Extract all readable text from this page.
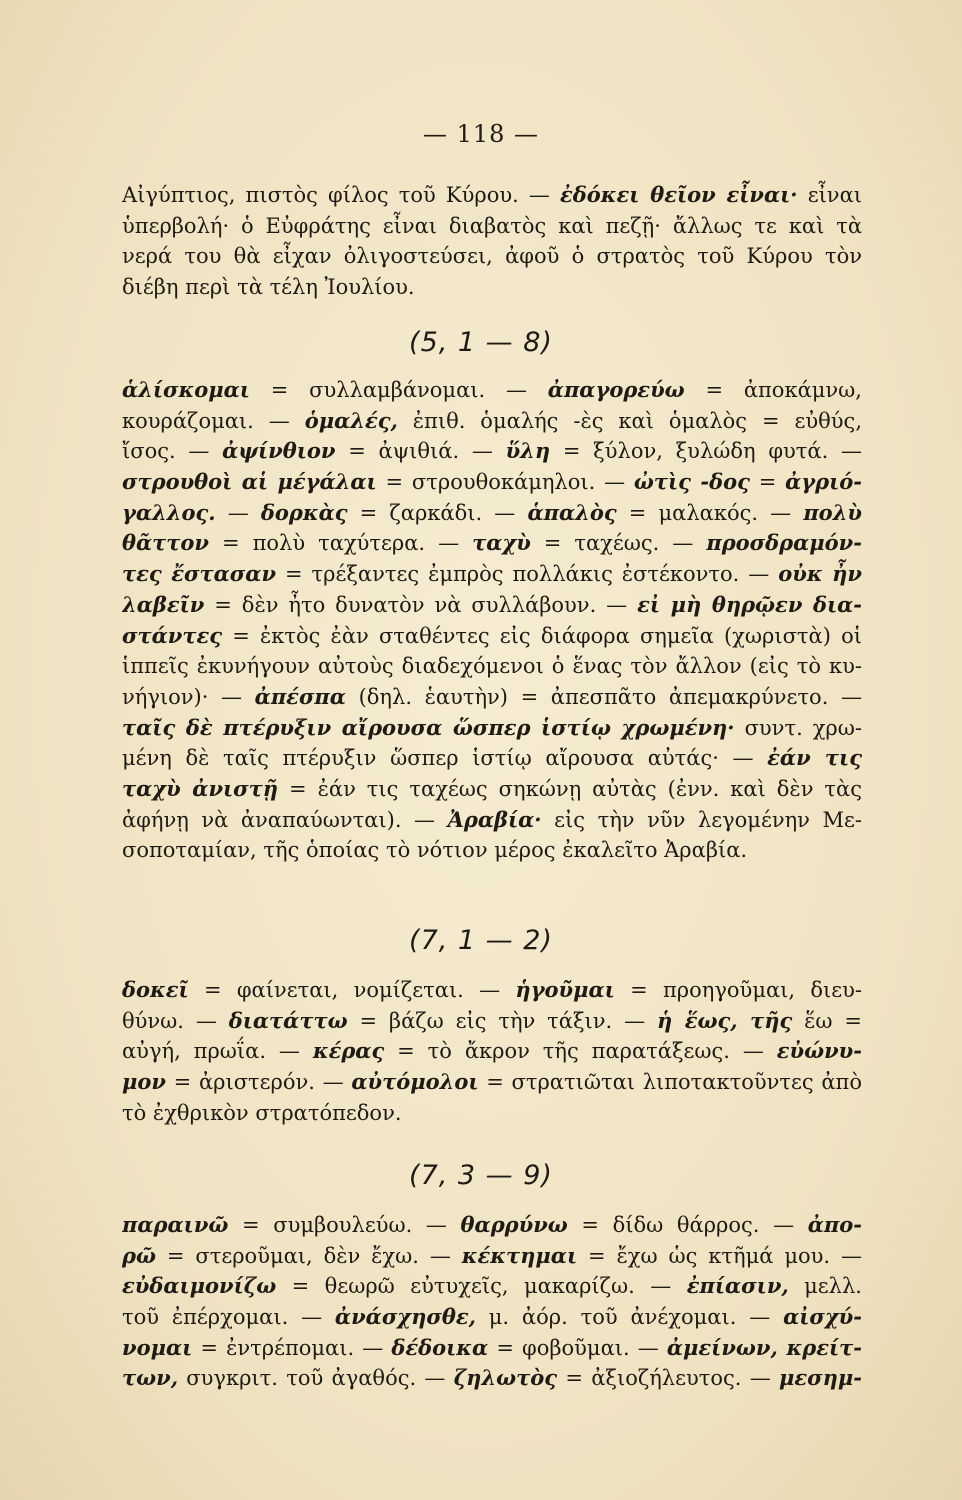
— 118 —
Αἰγύπτιος, πιστὸς φίλος τοῦ Κύρου. — ἐδόκει θεῖον εἶναι· εἶναι
ὑπερβολή· ὁ Εὐφράτης εἶναι διαβατὸς καὶ πεζῇ· ἄλλως τε καὶ τὰ
νερά του θὰ εἶχαν ὀλιγοστεύσει, ἀφοῦ ὁ στρατὸς τοῦ Κύρου τὸν
διέβη περὶ τὰ τέλη Ἰουλίου.
(5, 1 — 8)
ἁλίσκομαι = συλλαμβάνομαι. — ἀπαγορεύω = ἀποκάμνω,
κουράζομαι. — ὁμαλές, ἐπιθ. ὁμαλής -ὲς καὶ ὁμαλὸς = εὐθύς,
ἴσος. — ἀψίνθιον = ἀψιθιά. — ὕλη = ξύλον, ξυλώδη φυτά. —
στρουθοὶ αἱ μέγάλαι = στρουθοκάμηλοι. — ὠτὶς -δος = ἀγριό-
γαλλος. — δορκὰς = ζαρκάδι. — ἁπαλὸς = μαλακός. — πολὺ
θᾶττον = πολὺ ταχύτερα. — ταχὺ = ταχέως. — προσδραμόν-
τες ἔστασαν = τρέξαντες ἐμπρὸς πολλάκις ἐστέκοντο. — οὐκ ἦν
λαβεῖν = δὲν ἦτο δυνατὸν νὰ συλλάβουν. — εἰ μὴ θηρῷεν δια-
στάντες = ἐκτὸς ἐὰν σταθέντες εἰς διάφορα σημεῖα (χωριστὰ) οἱ
ἱππεῖς ἐκυνήγουν αὐτοὺς διαδεχόμενοι ὁ ἕνας τὸν ἄλλον (εἰς τὸ κυ-
νήγιον)· — ἀπέσπα (δηλ. ἑαυτὴν) = ἀπεσπᾶτο ἀπεμακρύνετο. —
ταῖς δὲ πτέρυξιν αἴρουσα ὥσπερ ἱστίῳ χρωμένη· συντ. χρω-
μένη δὲ ταῖς πτέρυξιν ὥσπερ ἱστίῳ αἴρουσα αὐτάς· — ἐάν τις
ταχὺ ἀνιστῇ = ἐάν τις ταχέως σηκώνῃ αὐτὰς (ἐνν. καὶ δὲν τὰς
ἀφήνῃ νὰ ἀναπαύωνται). — Ἀραβία· εἰς τὴν νῦν λεγομένην Με-
σοποταμίαν, τῆς ὁποίας τὸ νότιον μέρος ἐκαλεῖτο Ἀραβία.
(7, 1 — 2)
δοκεῖ = φαίνεται, νομίζεται. — ἡγοῦμαι = προηγοῦμαι, διευ-
θύνω. — διατάττω = βάζω εἰς τὴν τάξιν. — ἡ ἕως, τῆς ἕω =
αὐγή, πρωΐα. — κέρας = τὸ ἄκρον τῆς παρατάξεως. — εὐώνυ-
μον = ἀριστερόν. — αὐτόμολοι = στρατιῶται λιποτακτοῦντες ἀπὸ
τὸ ἐχθρικὸν στρατόπεδον.
(7, 3 — 9)
παραινῶ = συμβουλεύω. — θαρρύνω = δίδω θάρρος. — ἀπο-
ρῶ = στεροῦμαι, δὲν ἔχω. — κέκτημαι = ἔχω ὡς κτῆμά μου. —
εὐδαιμονίζω = θεωρῶ εὐτυχεῖς, μακαρίζω. — ἐπίασιν, μελλ.
τοῦ ἐπέρχομαι. — ἀνάσχησθε, μ. ἀόρ. τοῦ ἀνέχομαι. — αἰσχύ-
νομαι = ἐντρέπομαι. — δέδοικα = φοβοῦμαι. — ἀμείνων, κρείτ-
των, συγκριτ. τοῦ ἀγαθός. — ζηλωτὸς = ἀξιοζήλευτος. — μεσημ-
